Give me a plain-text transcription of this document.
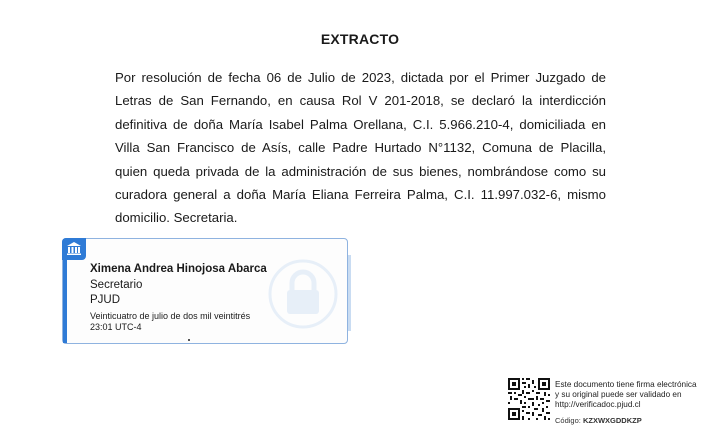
EXTRACTO
Por resolución de fecha 06 de Julio de 2023, dictada por el Primer Juzgado de
Letras de San Fernando, en causa Rol V 201-2018, se declaró la interdicción
definitiva de doña María Isabel Palma Orellana, C.I. 5.966.210-4, domiciliada en
Villa San Francisco de Asís, calle Padre Hurtado N°1132, Comuna de Placilla,
quien queda privada de la administración de sus bienes, nombrándose como su
curadora general a doña María Eliana Ferreira Palma, C.I. 11.997.032-6, mismo
domicilio. Secretaria.
Ximena Andrea Hinojosa Abarca
Secretario
PJUD
Veinticuatro de julio de dos mil veintitrés
23:01 UTC-4
Este documento tiene firma electrónica
y su original puede ser validado en
http://verificadoc.pjud.cl
Código: KZXWXGDDKZP
